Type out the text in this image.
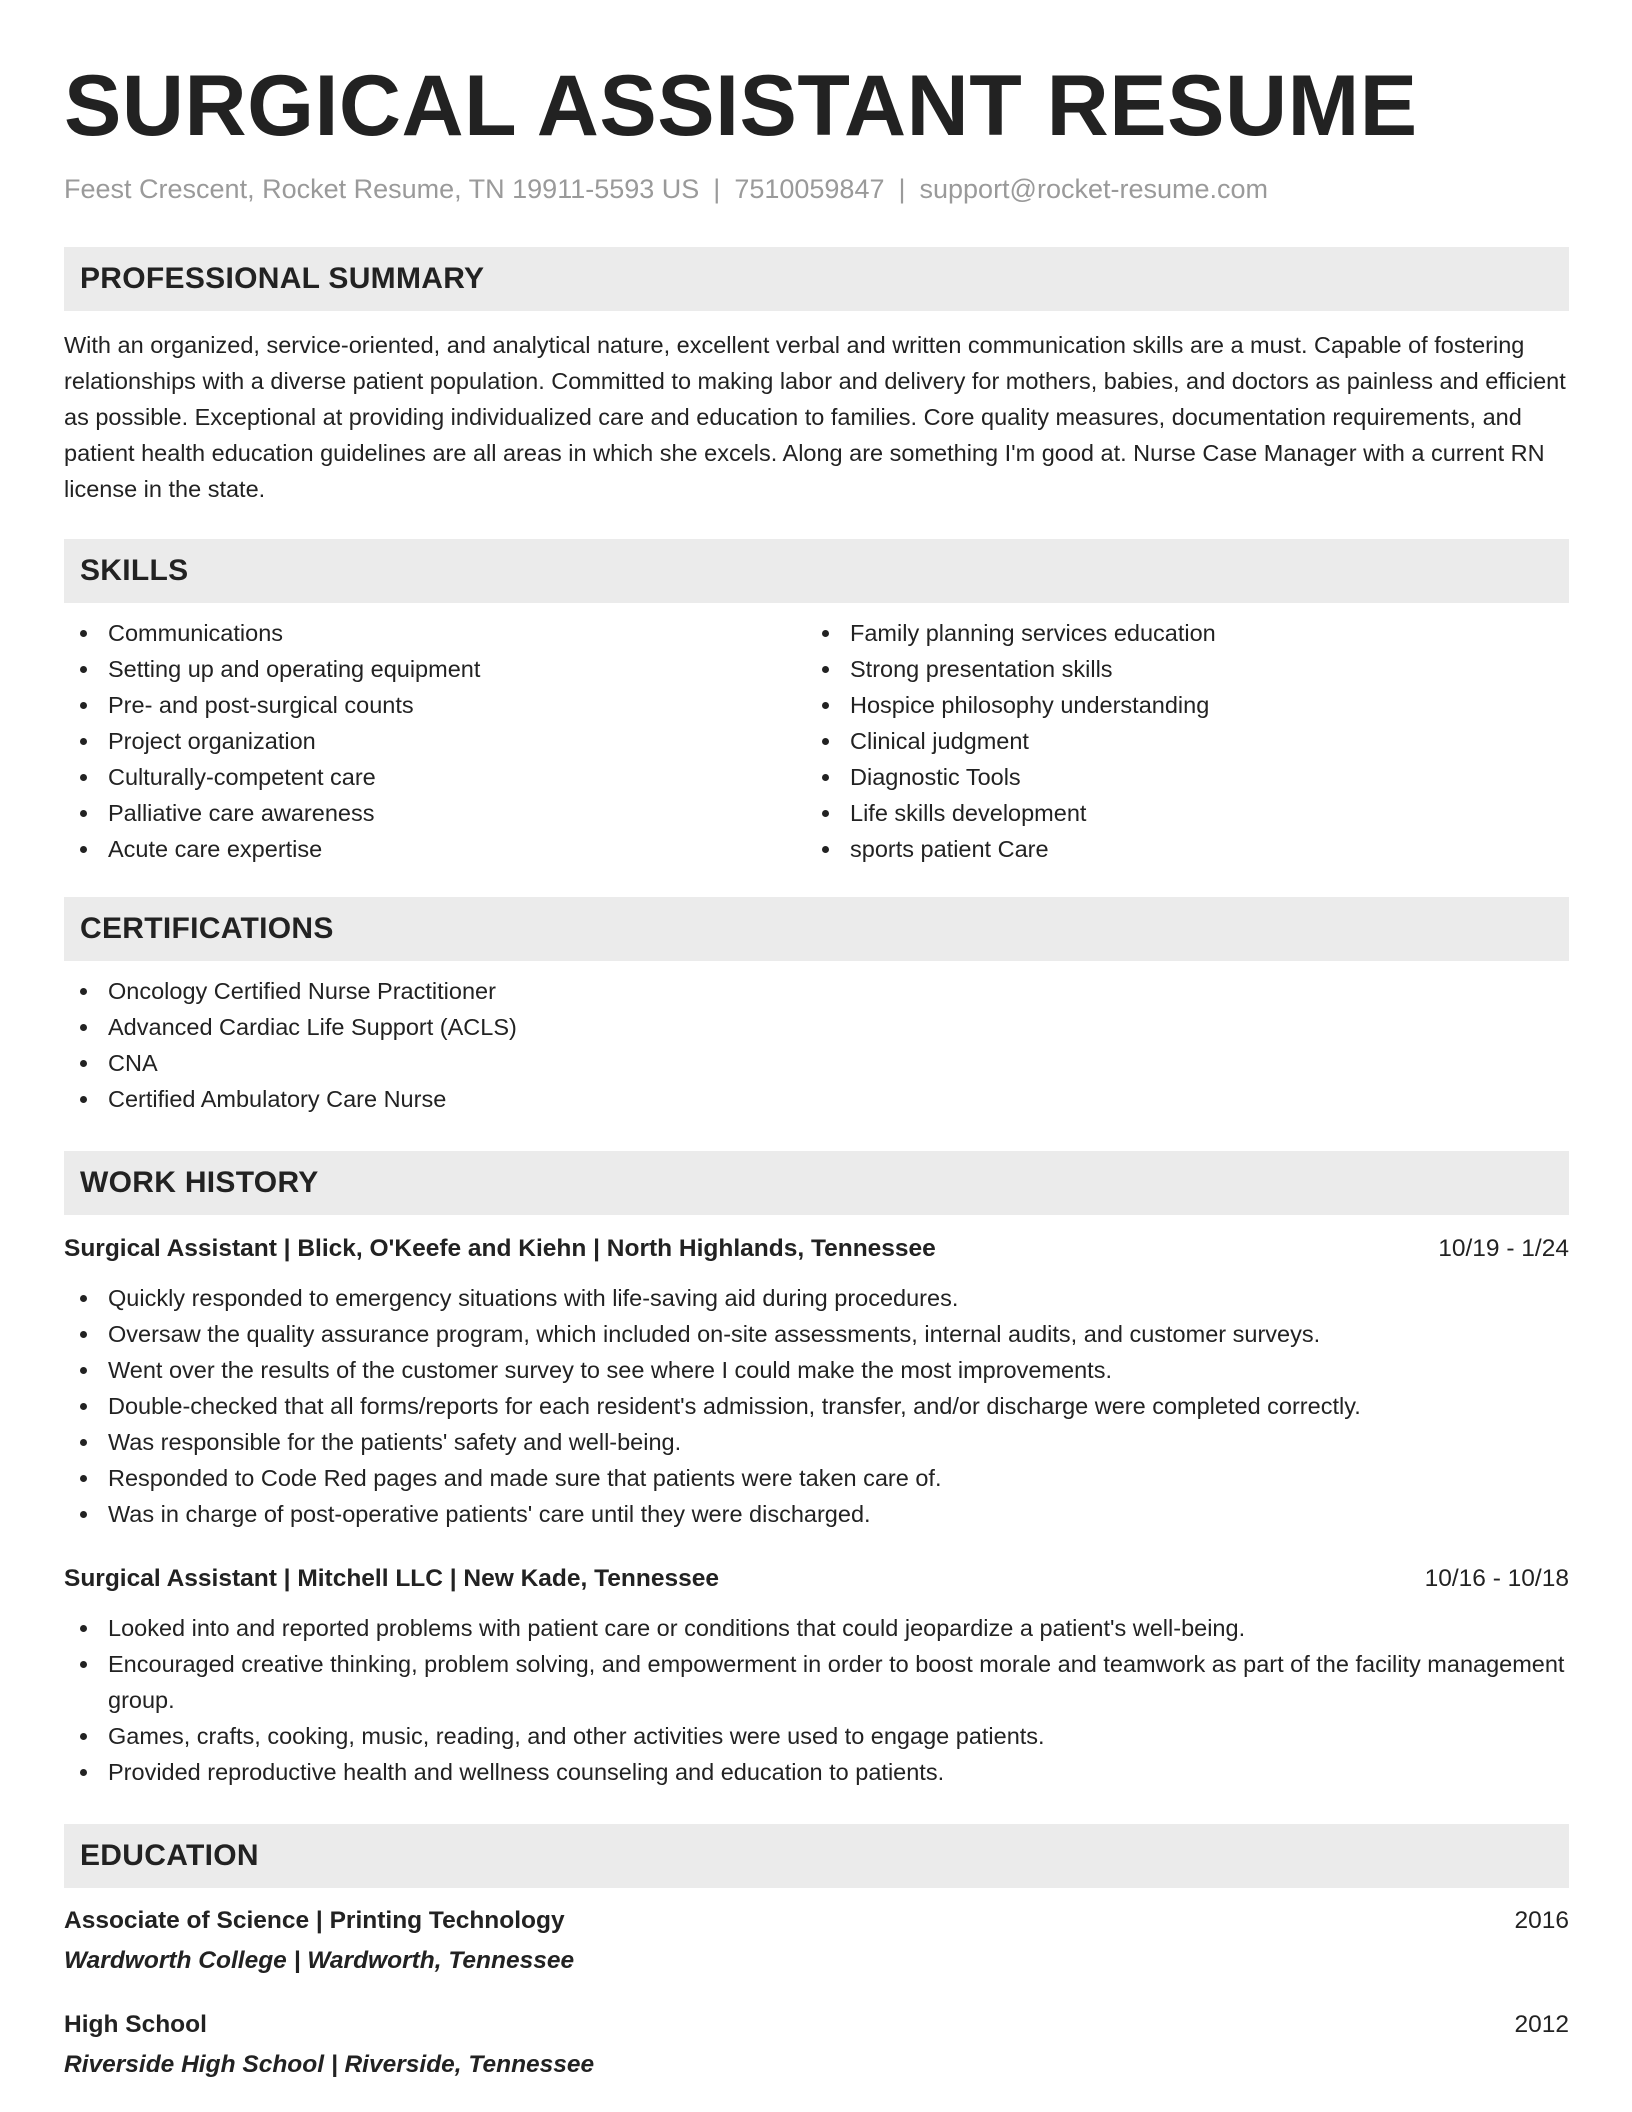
SURGICAL ASSISTANT RESUME
Feest Crescent, Rocket Resume, TN 19911-5593 US | 7510059847 | support@rocket-resume.com
PROFESSIONAL SUMMARY

With an organized, service-oriented, and analytical nature, excellent verbal and written communication skills are a must. Capable of fostering relationships with a diverse patient population. Committed to making labor and delivery for mothers, babies, and doctors as painless and efficient as possible. Exceptional at providing individualized care and education to families. Core quality measures, documentation requirements, and patient health education guidelines are all areas in which she excels. Along are something I'm good at. Nurse Case Manager with a current RN license in the state.

SKILLS
Communications
Setting up and operating equipment
Pre- and post-surgical counts
Project organization
Culturally-competent care
Palliative care awareness
Acute care expertise
Family planning services education
Strong presentation skills
Hospice philosophy understanding
Clinical judgment
Diagnostic Tools
Life skills development
sports patient Care
CERTIFICATIONS
Oncology Certified Nurse Practitioner
Advanced Cardiac Life Support (ACLS)
CNA
Certified Ambulatory Care Nurse
WORK HISTORY
Surgical Assistant | Blick, O'Keefe and Kiehn | North Highlands, Tennessee	10/19 - 1/24
Quickly responded to emergency situations with life-saving aid during procedures.
Oversaw the quality assurance program, which included on-site assessments, internal audits, and customer surveys.
Went over the results of the customer survey to see where I could make the most improvements.
Double-checked that all forms/reports for each resident's admission, transfer, and/or discharge were completed correctly.
Was responsible for the patients' safety and well-being.
Responded to Code Red pages and made sure that patients were taken care of.
Was in charge of post-operative patients' care until they were discharged.
Surgical Assistant | Mitchell LLC | New Kade, Tennessee	10/16 - 10/18
Looked into and reported problems with patient care or conditions that could jeopardize a patient's well-being.
Encouraged creative thinking, problem solving, and empowerment in order to boost morale and teamwork as part of the facility management group.
Games, crafts, cooking, music, reading, and other activities were used to engage patients.
Provided reproductive health and wellness counseling and education to patients.
EDUCATION
Associate of Science | Printing Technology	2016
Wardworth College | Wardworth, Tennessee
High School	2012
Riverside High School | Riverside, Tennessee
